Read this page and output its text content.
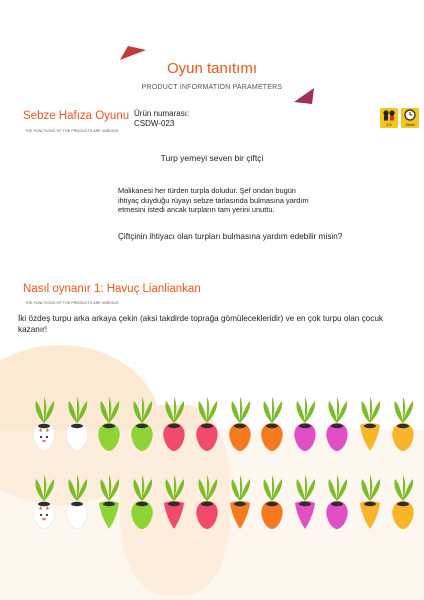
Oyun tanıtımı
PRODUCT INFORMATION PARAMETERS
Sebze Hafıza Oyunu
THE FUNCTIONS OF THE PRODUCTS ARE VARIOUS
Ürün numarası:
CSDW-023	2-4	15min
Turp yemeyi seven bir çiftçi
Malikanesi her türden turpla doludur. Şef ondan bugün ihtiyaç duyduğu rüyayı sebze tarlasında bulmasına yardım etmesini istedi ancak turpların tam yerini unuttu.
Çiftçinin ihtiyacı olan turpları bulmasına yardım edebilir misin?
Nasıl oynanır 1: Havuç Lianliankan
THE FUNCTIONS OF THE PRODUCTS ARE VARIOUS
İki özdeş turpu arka arkaya çekin (aksi takdirde toprağa gömülecekleridir) ve en çok turpu olan çocuk kazanır!
